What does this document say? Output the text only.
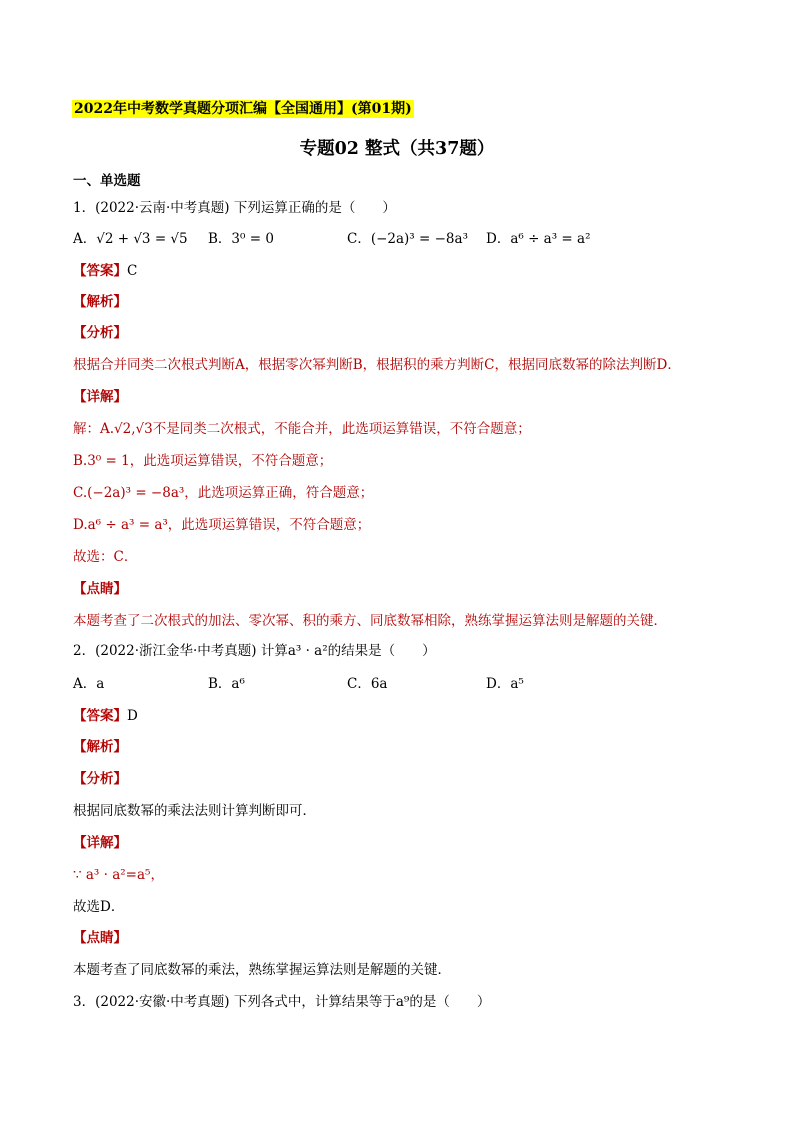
2022年中考数学真题分项汇编【全国通用】(第01期)
专题02 整式（共37题）
一、单选题
1．(2022·云南·中考真题) 下列运算正确的是（　　）
A．√2 + √3 = √5 B．3⁰ = 0	C．(−2a)³ = −8a³ D．a⁶ ÷ a³ = a²
【答案】C
【解析】
【分析】
根据合并同类二次根式判断A，根据零次幂判断B，根据积的乘方判断C，根据同底数幂的除法判断D．
【详解】
解：A.√2,√3不是同类二次根式，不能合并，此选项运算错误，不符合题意；
B.3⁰ = 1，此选项运算错误，不符合题意；
C.(−2a)³ = −8a³，此选项运算正确，符合题意；
D.a⁶ ÷ a³ = a³，此选项运算错误，不符合题意；
故选：C．
【点睛】
本题考查了二次根式的加法、零次幂、积的乘方、同底数幂相除，熟练掌握运算法则是解题的关键．
2．(2022·浙江金华·中考真题) 计算a³ · a²的结果是（　　）
A．a	B．a⁶	C．6a	D．a⁵
【答案】D
【解析】
【分析】
根据同底数幂的乘法法则计算判断即可．
【详解】
∵ a³ · a²=a⁵，
故选D．
【点睛】
本题考查了同底数幂的乘法，熟练掌握运算法则是解题的关键．
3．(2022·安徽·中考真题) 下列各式中，计算结果等于a⁹的是（　　）
